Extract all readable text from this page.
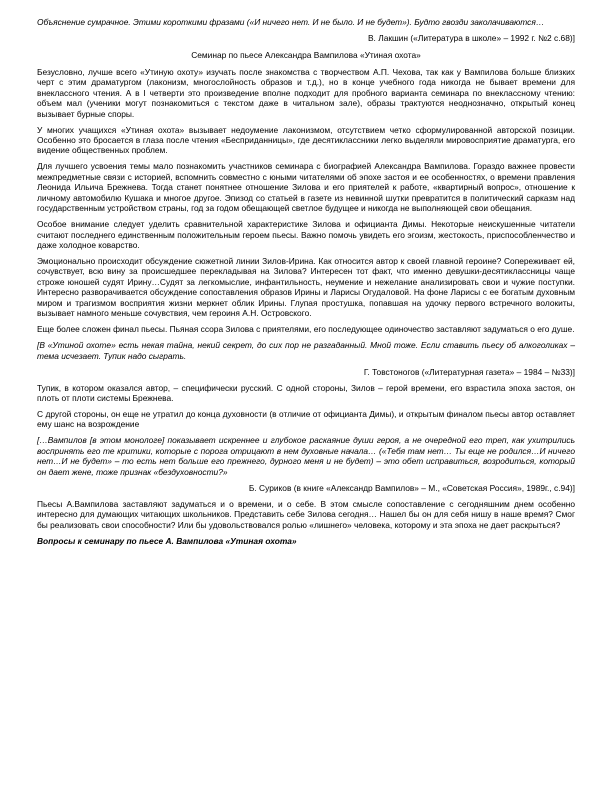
Объяснение сумрачное. Этими короткими фразами («И ничего нет. И не было. И не будет»). Будто гвозди заколачиваются…

В. Лакшин («Литература в школе» – 1992 г. №2 с.68)]

Семинар по пьесе Александра Вампилова «Утиная охота»

Безусловно, лучше всего «Утиную охоту» изучать после знакомства с творчеством А.П. Чехова, так как у Вампилова больше близких черт с этим драматургом (лаконизм, многослойность образов и т.д.), но в конце учебного года никогда не бывает времени для внеклассного чтения. А в I четверти это произведение вполне подходит для пробного варианта семинара по внеклассному чтению: объем мал (ученики могут познакомиться с текстом даже в читальном зале), образы трактуются неоднозначно, открытый конец вызывает бурные споры.

У многих учащихся «Утиная охота» вызывает недоумение лаконизмом, отсутствием четко сформулированной авторской позиции. Особенно это бросается в глаза после чтения «Бесприданницы», где десятиклассники легко выделяли мировосприятие драматурга, его видение общественных проблем.

Для лучшего усвоения темы мало познакомить участников семинара с биографией Александра Вампилова. Гораздо важнее провести межпредметные связи с историей, вспомнить совместно с юными читателями об эпохе застоя и ее особенностях, о времени правления Леонида Ильича Брежнева. Тогда станет понятнее отношение Зилова и его приятелей к работе, «квартирный вопрос», отношение к личному автомобилю Кушака и многое другое. Эпизод со статьей в газете из невинной шутки превратится в политический сарказм над государственным устройством страны, год за годом обещающей светлое будущее и никогда не выполняющей свои обещания.

Особое внимание следует уделить сравнительной характеристике Зилова и официанта Димы. Некоторые неискушенные читатели считают последнего единственным положительным героем пьесы. Важно помочь увидеть его эгоизм, жестокость, приспособленчество и даже холодное коварство.

Эмоционально происходит обсуждение сюжетной линии Зилов-Ирина. Как относится автор к своей главной героине? Сопереживает ей, сочувствует, всю вину за происшедшее перекладывая на Зилова? Интересен тот факт, что именно девушки-десятиклассницы чаще строже юношей судят Ирину…Судят за легкомыслие, инфантильность, неумение и нежелание анализировать свои и чужие поступки. Интересно разворачивается обсуждение сопоставления образов Ирины и Ларисы Огудаловой. На фоне Ларисы с ее богатым духовным миром и трагизмом восприятия жизни меркнет облик Ирины. Глупая простушка, попавшая на удочку первого встречного волокиты, вызывает намного меньше сочувствия, чем героиня А.Н. Островского.

Еще более сложен финал пьесы. Пьяная ссора Зилова с приятелями, его последующее одиночество заставляют задуматься о его душе.

[В «Утиной охоте» есть некая тайна, некий секрет, до сих пор не разгаданный. Мной тоже. Если ставить пьесу об алкоголиках – тема исчезает. Тупик надо сыграть.

Г. Товстоногов («Литературная газета» – 1984 – №33)]

Тупик, в котором оказался автор, – специфически русский. С одной стороны, Зилов – герой времени, его взрастила эпоха застоя, он плоть от плоти системы Брежнева.

С другой стороны, он еще не утратил до конца духовности (в отличие от официанта Димы), и открытым финалом пьесы автор оставляет ему шанс на возрождение

[…Вампилов [в этом монологе] показывает искреннее и глубокое раскаяние души героя, а не очередной его треп, как ухитрились воспринять его те критики, которые с порога отрицают в нем духовные начала… («Тебя там нет… Ты еще не родился…И ничего нет…И не будет» – то есть нет больше его прежнего, дурного меня и не будет) – это обет исправиться, возродиться, который он дает жене, тоже признак «бездуховности?»

Б. Суриков (в книге «Александр Вампилов» – М., «Советская Россия», 1989г., с.94)]

Пьесы А.Вампилова заставляют задуматься и о времени, и о себе. В этом смысле сопоставление с сегодняшним днем особенно интересно для думающих читающих школьников. Представить себе Зилова сегодня… Нашел бы он для себя нишу в наше время? Смог бы реализовать свои способности? Или бы удовольствовался ролью «лишнего» человека, которому и эта эпоха не дает раскрыться?

Вопросы к семинару по пьесе А. Вампилова «Утиная охота»
